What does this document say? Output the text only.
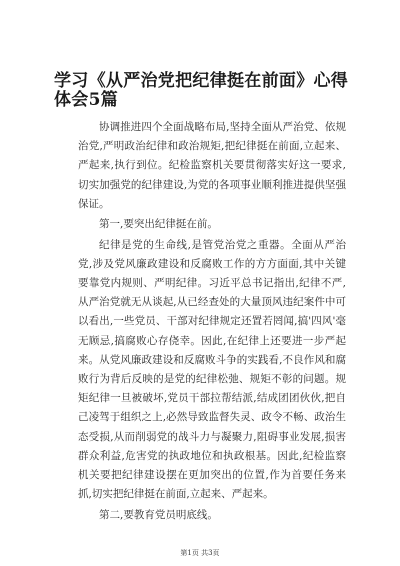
学习《从严治党把纪律挺在前面》心得体会5篇

协调推进四个全面战略布局,坚持全面从严治党、依规治党,严明政治纪律和政治规矩,把纪律挺在前面,立起来、严起来,执行到位。纪检监察机关要贯彻落实好这一要求,切实加强党的纪律建设,为党的各项事业顺利推进提供坚强保证。

第一,要突出纪律挺在前。

纪律是党的生命线,是管党治党之重器。全面从严治党,涉及党风廉政建设和反腐败工作的方方面面,其中关键要靠党内规则、严明纪律。习近平总书记指出,纪律不严,从严治党就无从谈起,从已经查处的大量顶风违纪案件中可以看出,一些党员、干部对纪律规定还置若罔闻,搞'四风'毫无顾忌,搞腐败心存侥幸。因此,在纪律上还要进一步严起来。从党风廉政建设和反腐败斗争的实践看,不良作风和腐败行为背后反映的是党的纪律松弛、规矩不彰的问题。规矩纪律一旦被破坏,党员干部拉帮结派,结成团团伙伙,把自己凌驾于组织之上,必然导致监督失灵、政令不畅、政治生态受损,从而削弱党的战斗力与凝聚力,阻碍事业发展,损害群众利益,危害党的执政地位和执政根基。因此,纪检监察机关要把纪律建设摆在更加突出的位置,作为首要任务来抓,切实把纪律挺在前面,立起来、严起来。

第二,要教育党员明底线。

第1页 共3页
